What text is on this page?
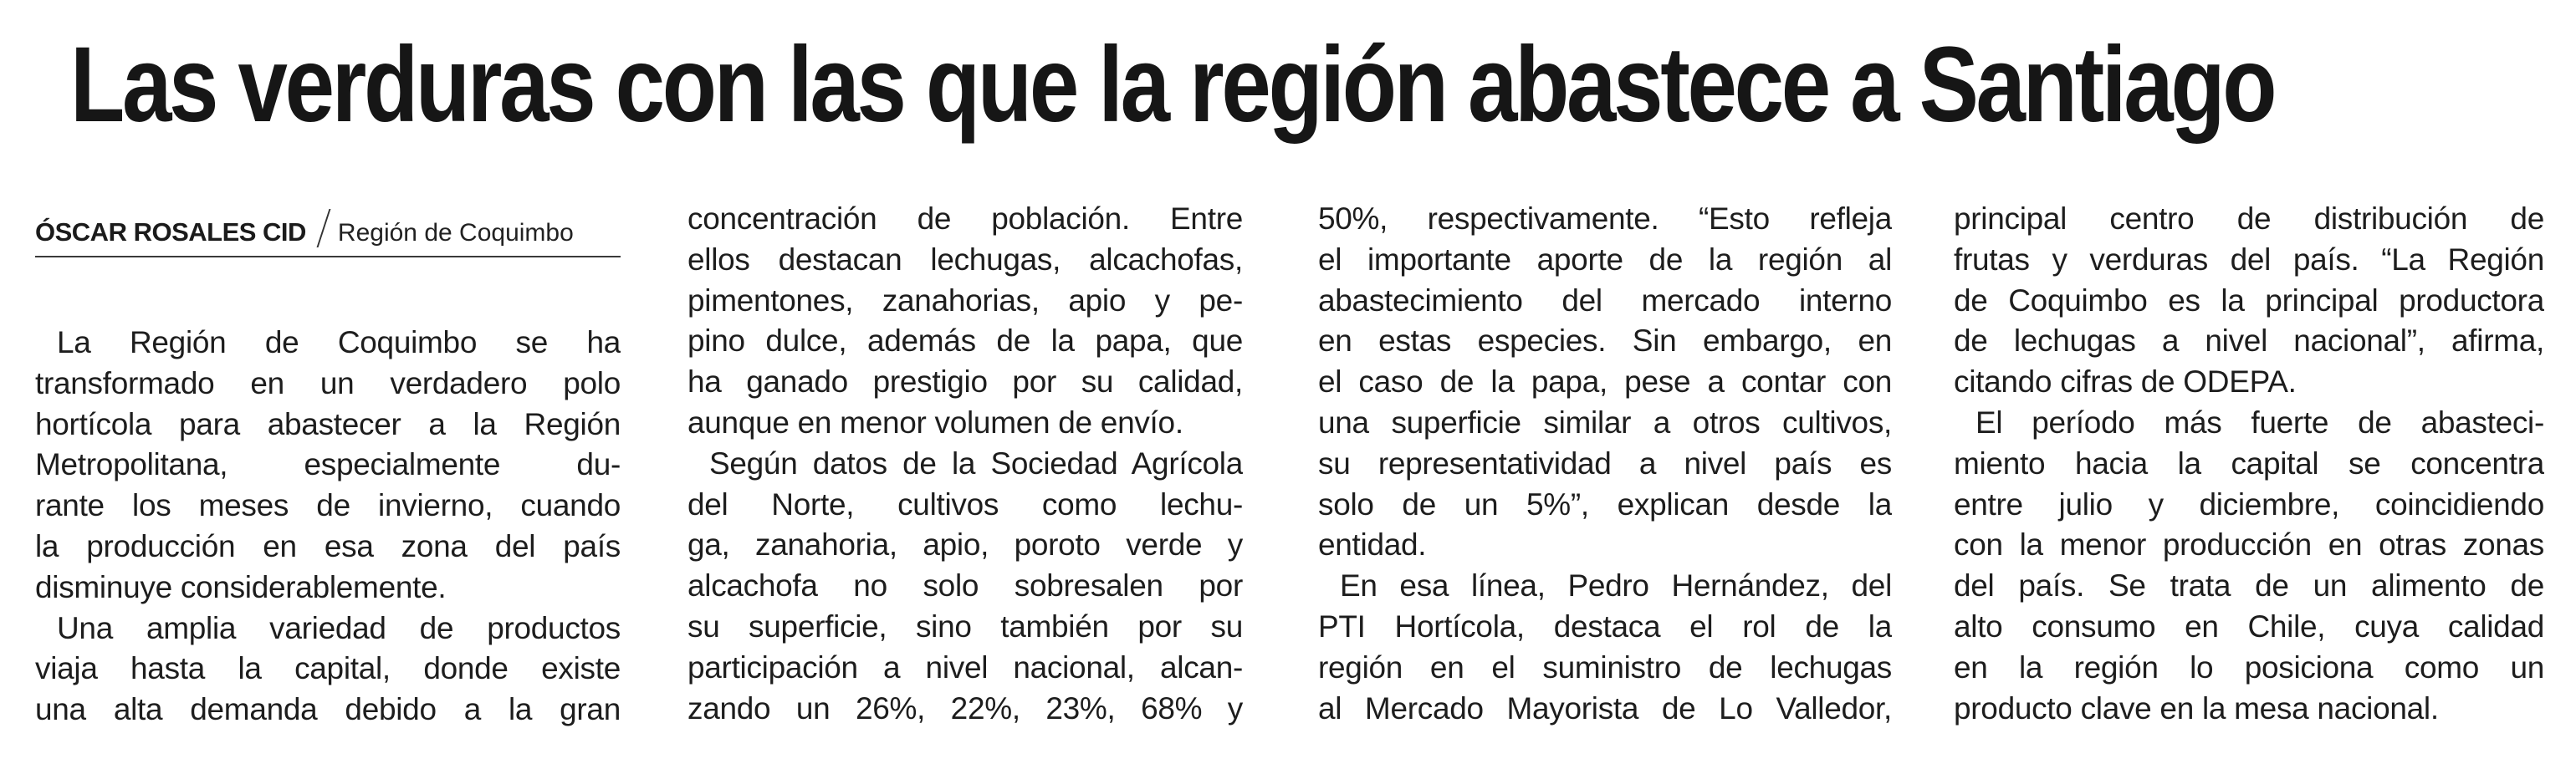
Las verduras con las que la región abastece a Santiago
ÓSCAR ROSALES CID Región de Coquimbo

La Región de Coquimbo se ha

transformado en un verdadero polo

hortícola para abastecer a la Región

Metropolitana, especialmente du-

rante los meses de invierno, cuando

la producción en esa zona del país

disminuye considerablemente.

Una amplia variedad de productos

viaja hasta la capital, donde existe

una alta demanda debido a la gran

concentración de población. Entre

ellos destacan lechugas, alcachofas,

pimentones, zanahorias, apio y pe-

pino dulce, además de la papa, que

ha ganado prestigio por su calidad,

aunque en menor volumen de envío.

Según datos de la Sociedad Agrícola

del Norte, cultivos como lechu-

ga, zanahoria, apio, poroto verde y

alcachofa no solo sobresalen por

su superficie, sino también por su

participación a nivel nacional, alcan-

zando un 26%, 22%, 23%, 68% y

50%, respectivamente. “Esto refleja

el importante aporte de la región al

abastecimiento del mercado interno

en estas especies. Sin embargo, en

el caso de la papa, pese a contar con

una superficie similar a otros cultivos,

su representatividad a nivel país es

solo de un 5%”, explican desde la

entidad.

En esa línea, Pedro Hernández, del

PTI Hortícola, destaca el rol de la

región en el suministro de lechugas

al Mercado Mayorista de Lo Valledor,

principal centro de distribución de

frutas y verduras del país. “La Región

de Coquimbo es la principal productora

de lechugas a nivel nacional”, afirma,

citando cifras de ODEPA.

El período más fuerte de abasteci-

miento hacia la capital se concentra

entre julio y diciembre, coincidiendo

con la menor producción en otras zonas

del país. Se trata de un alimento de

alto consumo en Chile, cuya calidad

en la región lo posiciona como un

producto clave en la mesa nacional.
